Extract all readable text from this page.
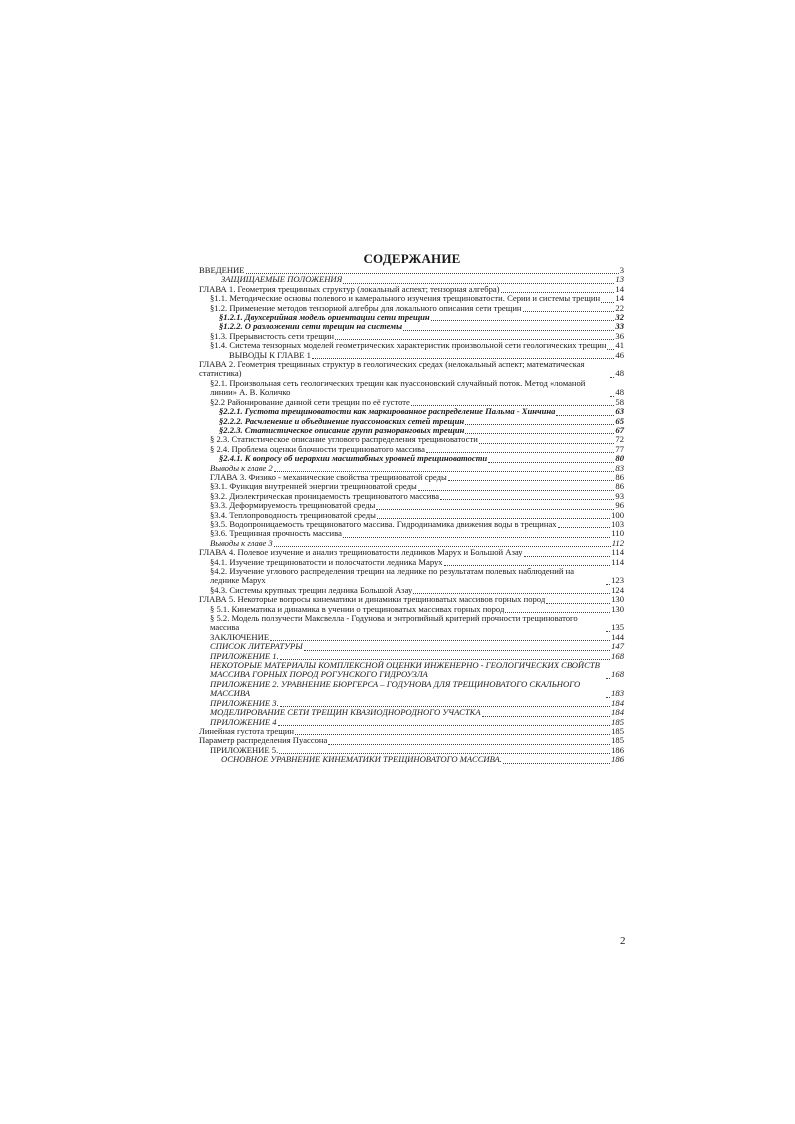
СОДЕРЖАНИЕ
ВВЕДЕНИЕ	3
ЗАЩИЩАЕМЫЕ ПОЛОЖЕНИЯ	13
ГЛАВА 1. Геометрия трещинных структур (локальный аспект; тензорная алгебра)	14
§1.1. Методические основы полевого и камерального изучения трещиноватости. Серии и системы трещин 14
§1.2. Применение методов тензорной алгебры для локального описания сети трещин	22
§1.2.1. Двухсерийная модель ориентации сети трещин	32
§1.2.2. О разложении сети трещин на системы	33
§1.3. Прерывистость сети трещин	36
§1.4. Система тензорных моделей геометрических характеристик произвольной сети геологических трещин 41
ВЫВОДЫ К ГЛАВЕ 1	46
ГЛАВА 2. Геометрия трещинных структур в геологических средах (нелокальный аспект; математическая статистика)	48
§2.1. Произвольная сеть геологических трещин как пуассоновский случайный поток. Метод «ломаной линии» А. В. Количко	48
§2.2 Районирование данной сети трещин по её густоте	58
§2.2.1. Густота трещиноватости как маркированное распределение Пальма - Хинчина	63
§2.2.2. Расчленение и объединение пуассоновских сетей трещин	65
§2.2.3. Статистическое описание групп разноранговых трещин	67
§ 2.3. Статистическое описание углового распределения трещиноватости	72
§ 2.4. Проблема оценки блочности трещиноватого массива	77
§2.4.1. К вопросу об иерархии масштабных уровней трещиноватости	80
Выводы к главе 2	83
ГЛАВА 3. Физико - механические свойства трещиноватой среды	86
§3.1. Функция внутренней энергии трещиноватой среды	86
§3.2. Диэлектрическая проницаемость трещиноватого массива	93
§3.3. Деформируемость трещиноватой среды	96
§3.4. Теплопроводность трещиноватой среды	100
§3.5. Водопроницаемость трещиноватого массива. Гидродинамика движения воды в трещинах	103
§3.6. Трещинная прочность массива	110
Выводы к главе 3	112
ГЛАВА 4. Полевое изучение и анализ трещиноватости ледников Марух и Большой Азау	114
§4.1. Изучение трещиноватости и полосчатости ледника Марух	114
§4.2. Изучение углового распределения трещин на леднике по результатам полевых наблюдений на леднике Марух	123
§4.3. Системы крупных трещин ледника Большой Азау	124
ГЛАВА 5. Некоторые вопросы кинематики и динамики трещиноватых массивов горных пород	130
§ 5.1. Кинематика и динамика в учении о трещиноватых массивах горных пород	130
§ 5.2. Модель ползучести Максвелла - Годунова и энтропийный критерий прочности трещиноватого массива	135
ЗАКЛЮЧЕНИЕ	144
СПИСОК ЛИТЕРАТУРЫ	147
ПРИЛОЖЕНИЕ 1.	168
НЕКОТОРЫЕ МАТЕРИАЛЫ КОМПЛЕКСНОЙ ОЦЕНКИ ИНЖЕНЕРНО - ГЕОЛОГИЧЕСКИХ СВОЙСТВ МАССИВА ГОРНЫХ ПОРОД РОГУНСКОГО ГИДРОУЗЛА	168
ПРИЛОЖЕНИЕ 2. УРАВНЕНИЕ БЮРГЕРСА – ГОДУНОВА ДЛЯ ТРЕЩИНОВАТОГО СКАЛЬНОГО МАССИВА	183
ПРИЛОЖЕНИЕ 3.	184
МОДЕЛИРОВАНИЕ СЕТИ ТРЕЩИН КВАЗИОДНОРОДНОГО УЧАСТКА	184
ПРИЛОЖЕНИЕ 4	185
Линейная густота трещин	185
Параметр распределения Пуассона	185
ПРИЛОЖЕНИЕ 5.	186
ОСНОВНОЕ УРАВНЕНИЕ КИНЕМАТИКИ ТРЕЩИНОВАТОГО МАССИВА.	186
2
